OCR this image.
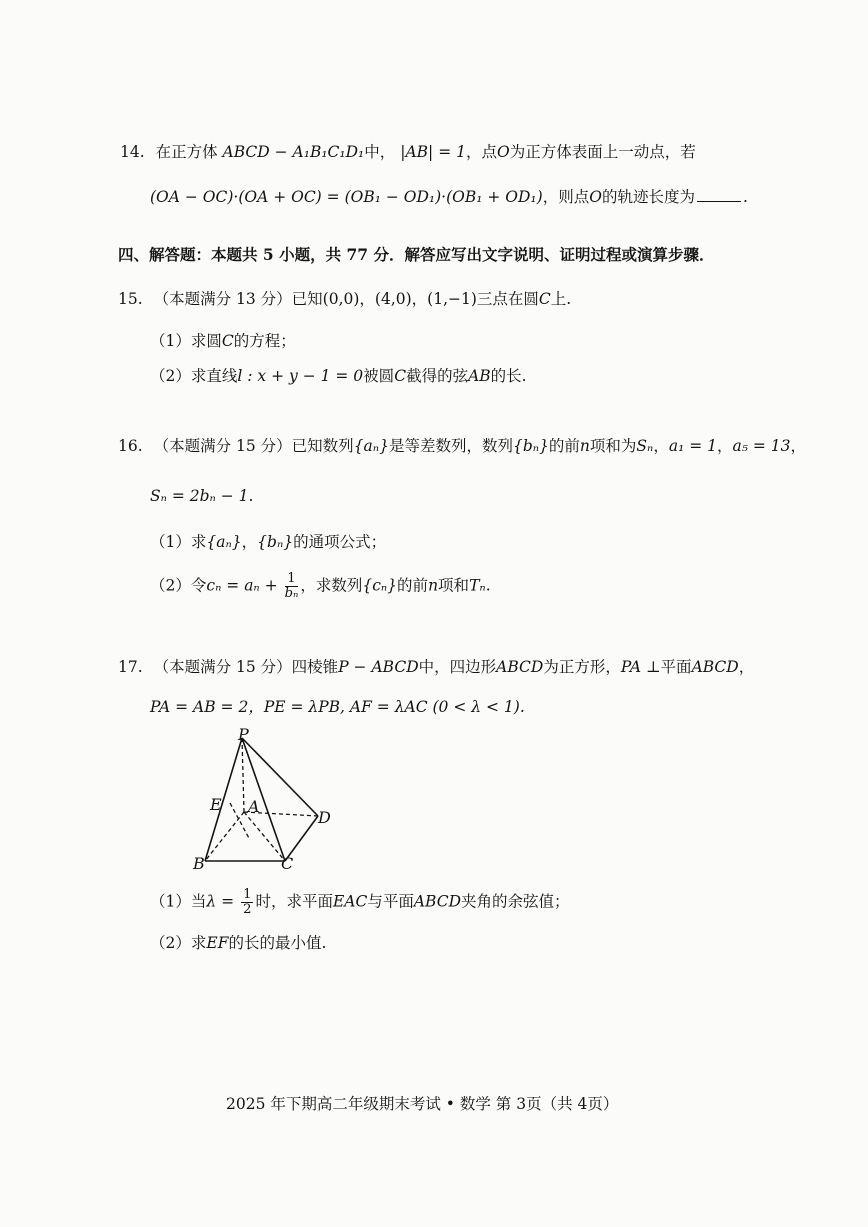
14. 在正方体 ABCD − A₁B₁C₁D₁中， |AB| = 1，点O为正方体表面上一动点，若
(OA − OC)·(OA + OC) = (OB₁ − OD₁)·(OB₁ + OD₁)，则点O的轨迹长度为	.
四、解答题：本题共 5 小题，共 77 分．解答应写出文字说明、证明过程或演算步骤．
15. （本题满分 13 分）已知(0,0)，(4,0)，(1,−1)三点在圆C上.
（1）求圆C的方程；
（2）求直线l : x + y − 1 = 0被圆C截得的弦AB的长.
16. （本题满分 15 分）已知数列{aₙ}是等差数列，数列{bₙ}的前n项和为Sₙ，a₁ = 1，a₅ = 13，
Sₙ = 2bₙ − 1.
（1）求{aₙ}，{bₙ}的通项公式；
（2）令$c_n = a_n + \frac{1}{\text{bₙ}}$ ，求数列{cₙ}的前n项和Tₙ.
17. （本题满分 15 分）四棱锥P − ABCD中，四边形ABCD为正方形，PA ⊥平面ABCD，
PA = AB = 2，PE = λPB, AF = λAC (0 < λ < 1).
P
E A
D
B	C
（1）当$\lambda = \frac{1}{2}$ 时，求平面EAC与平面ABCD夹角的余弦值；
（2）求EF的长的最小值.
2025 年下期高二年级期末考试 • 数学 第 3页（共 4页）
